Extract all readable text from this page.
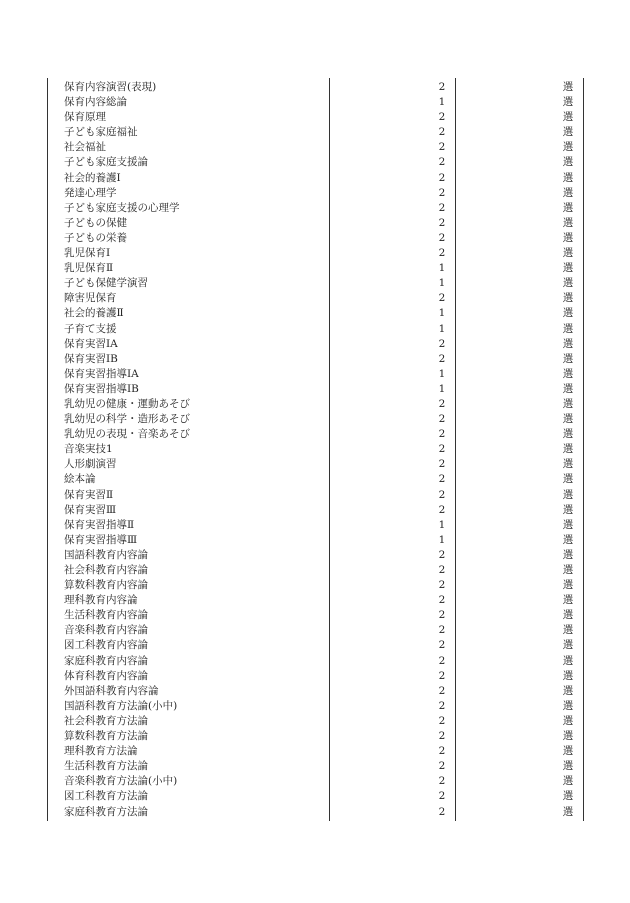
保育内容演習(表現)	2	選
保育内容総論	1	選
保育原理	2	選
子ども家庭福祉	2	選
社会福祉	2	選
子ども家庭支援論	2	選
社会的養護Ⅰ	2	選
発達心理学	2	選
子ども家庭支援の心理学	2	選
子どもの保健	2	選
子どもの栄養	2	選
乳児保育Ⅰ	2	選
乳児保育Ⅱ	1	選
子ども保健学演習	1	選
障害児保育	2	選
社会的養護Ⅱ	1	選
子育て支援	1	選
保育実習ⅠA	2	選
保育実習ⅠB	2	選
保育実習指導ⅠA	1	選
保育実習指導ⅠB	1	選
乳幼児の健康・運動あそび	2	選
乳幼児の科学・造形あそび	2	選
乳幼児の表現・音楽あそび	2	選
音楽実技1	2	選
人形劇演習	2	選
絵本論	2	選
保育実習Ⅱ	2	選
保育実習Ⅲ	2	選
保育実習指導Ⅱ	1	選
保育実習指導Ⅲ	1	選
国語科教育内容論	2	選
社会科教育内容論	2	選
算数科教育内容論	2	選
理科教育内容論	2	選
生活科教育内容論	2	選
音楽科教育内容論	2	選
図工科教育内容論	2	選
家庭科教育内容論	2	選
体育科教育内容論	2	選
外国語科教育内容論	2	選
国語科教育方法論(小中)	2	選
社会科教育方法論	2	選
算数科教育方法論	2	選
理科教育方法論	2	選
生活科教育方法論	2	選
音楽科教育方法論(小中)	2	選
図工科教育方法論	2	選
家庭科教育方法論	2	選
